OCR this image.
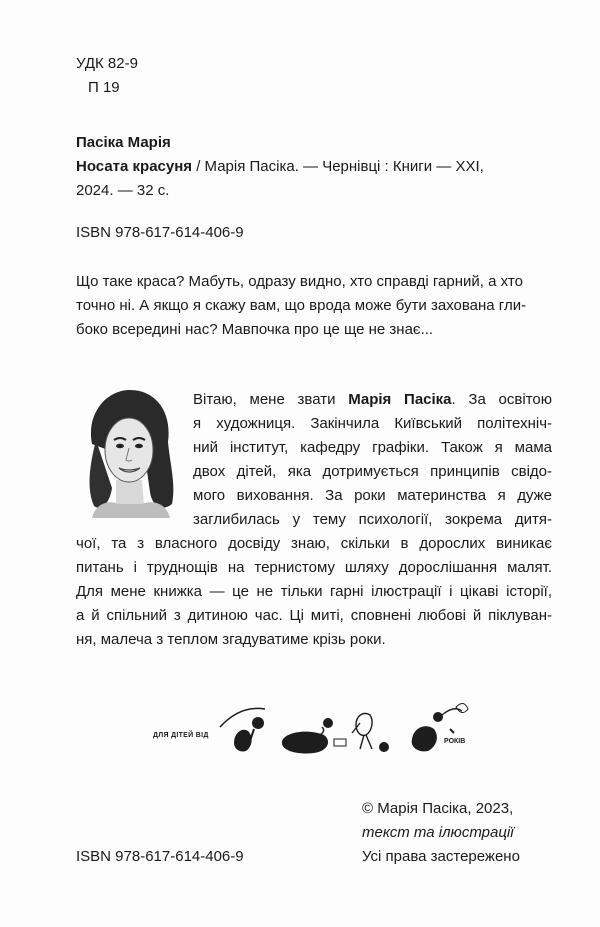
УДК 82-9
П 19
Пасіка Марія
Носата красуня / Марія Пасіка. — Чернівці : Книги — XXI,
2024. — 32 с.
ISBN 978-617-614-406-9
Що таке краса? Мабуть, одразу видно, хто справді гарний, а хто
точно ні. А якщо я скажу вам, що врода може бути захована гли-
боко всередині нас? Мавпочка про це ще не знає...
Вітаю, мене звати Марія Пасіка. За освітою
я художниця. Закінчила Київський політехніч-
ний інститут, кафедру графіки. Також я мама
двох дітей, яка дотримується принципів свідо-
мого виховання. За роки материнства я дуже
заглибилась у тему психології, зокрема дитя-
чої, та з власного досвіду знаю, скільки в дорослих виникає
питань і труднощів на тернистому шляху дорослішання малят.
Для мене книжка — це не тільки гарні ілюстрації і цікаві історії,
а й спільний з дитиною час. Ці миті, сповнені любові й піклуван-
ня, малеча з теплом згадуватиме крізь роки.
ДЛЯ ДІТЕЙ ВІД
РОКІВ
© Марія Пасіка, 2023,
текст та ілюстрації
Усі права застережено
ISBN 978-617-614-406-9
